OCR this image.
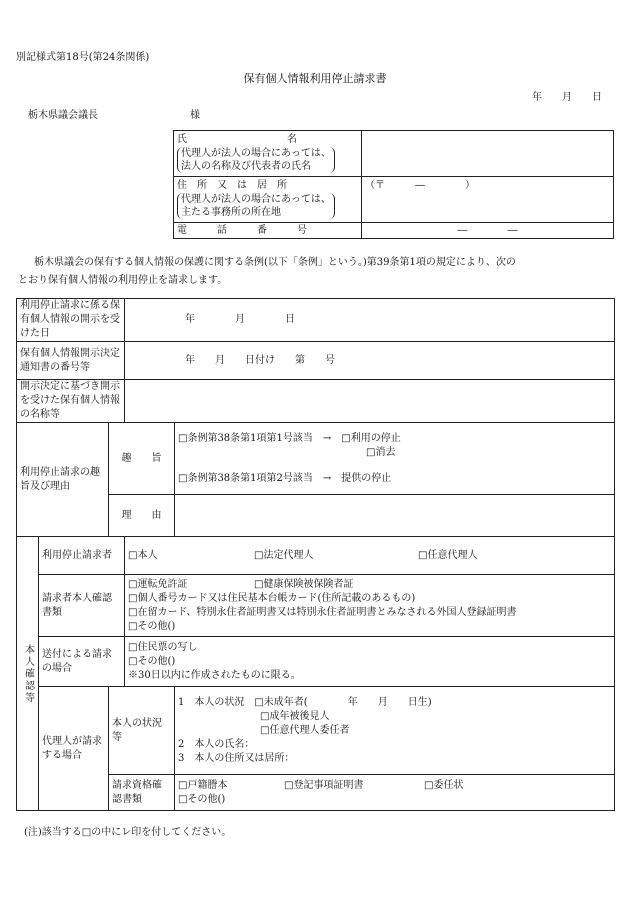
別記様式第18号(第24条関係)
保有個人情報利用停止請求書
年　　月　　日
栃木県議会議長	様
氏　　　　　　　　　　名
代理人が法人の場合にあっては、
法人の名称及び代表者の氏名	

住　所　又　は　居　所
代理人が法人の場合にあっては、
主たる事務所の所在地	（〒　　　―　　　　）
電　　　話　　　番　　　号	―　　　　―
栃木県議会の保有する個人情報の保護に関する条例(以下「条例」という。)第39条第1項の規定により、次の
とおり保有個人情報の利用停止を請求します。
利用停止請求に係る保有個人情報の開示を受けた日			年　　　　月　　　　日	
保有個人情報開示決定通知書の番号等			年　　月　　日付け　　第　　号	
開示決定に基づき開示を受けた保有個人情報の名称等				
利用停止請求の趣旨及び理由		趣　　旨		□条例第38条第1項第1号該当　→　□利用の停止
□消去
□条例第38条第1項第2号該当　→　提供の停止

		理　　由		
本人確認等	利用停止請求者		□本人 □法定代理人 □任意代理人	
	請求者本人確認書類		□運転免許証 □健康保険被保険者証
□個人番号カード又は住民基本台帳カード(住所記載のあるもの)
□在留カード、特別永住者証明書又は特別永住者証明書とみなされる外国人登録証明書
□その他()	

	送付による請求の場合		□住民票の写し
□その他()
※30日以内に作成されたものに限る。	

	代理人が請求する場合	本人の状況等		1　本人の状況　□未成年者(　　　　年　　月　　日生)
□成年被後見人
□任意代理人委任者
2　本人の氏名：
3　本人の住所又は居所：

		請求資格確認書類		□戸籍謄本 □登記事項証明書 □委任状
□その他()
(注)該当する□の中にレ印を付してください。
